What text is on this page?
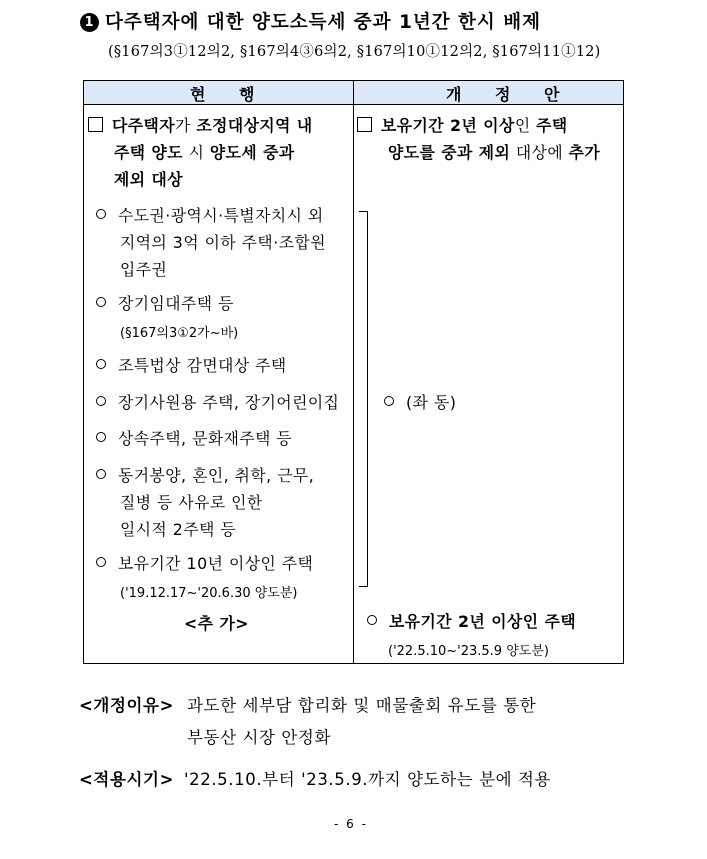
1 다주택자에 대한 양도소득세 중과 1년간 한시 배제
(§167의3①12의2, §167의4③6의2, §167의10①12의2, §167의11①12)
현 행	개 정 안
다주택자가 조정대상지역 내
주택 양도 시 양도세 중과
제외 대상
수도권·광역시·특별자치시 외
지역의 3억 이하 주택·조합원
입주권
장기임대주택 등
(§167의3①2가~바)
조특법상 감면대상 주택
장기사원용 주택, 장기어린이집
상속주택, 문화재주택 등
동거봉양, 혼인, 취학, 근무,
질병 등 사유로 인한
일시적 2주택 등
보유기간 10년 이상인 주택
('19.12.17~'20.6.30 양도분)
<추 가>
보유기간 2년 이상인 주택
양도를 중과 제외 대상에 추가
(좌 동)
보유기간 2년 이상인 주택
('22.5.10~'23.5.9 양도분)
<개정이유> 과도한 세부담 합리화 및 매물출회 유도를 통한
부동산 시장 안정화
<적용시기> '22.5.10.부터 '23.5.9.까지 양도하는 분에 적용
- 6 -
